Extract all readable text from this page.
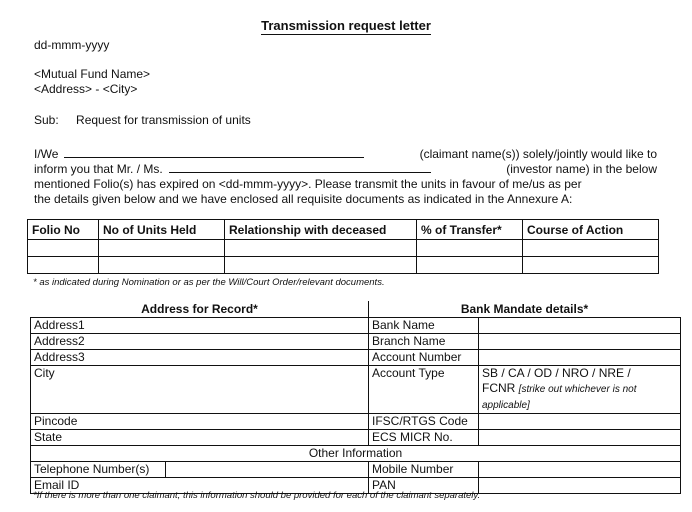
Transmission request letter
dd-mmm-yyyy
<Mutual Fund Name>
<Address> - <City>
Sub: Request for transmission of units
I/We	(claimant name(s)) solely/jointly would like to
inform you that Mr. / Ms.	(investor name) in the below
mentioned Folio(s) has expired on <dd-mmm-yyyy>. Please transmit the units in favour of me/us as per
the details given below and we have enclosed all requisite documents as indicated in the Annexure A:
Folio No	No of Units Held	Relationship with deceased	% of Transfer*	Course of Action

* as indicated during Nomination or as per the Will/Court Order/relevant documents.
Address for Record*		Bank Mandate details*	
Address1		Bank Name	
Address2		Branch Name	
Address3		Account Number	
City		Account Type	SB / CA / OD / NRO / NRE /
FCNR [strike out whichever is not applicable]

Pincode		IFSC/RTGS Code	
State		ECS MICR No.	
Other Information			
Telephone Number(s)		Mobile Number	
Email ID		PAN	
*If there is more than one claimant, this information should be provided for each of the claimant separately.
